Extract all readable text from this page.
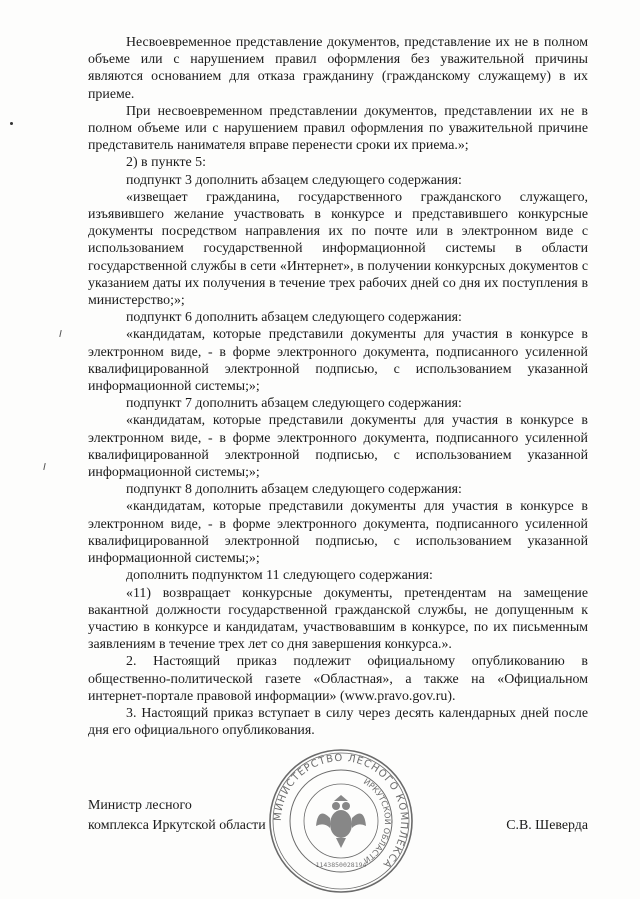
Несвоевременное представление документов, представление их не в полном объеме или с нарушением правил оформления без уважительной причины являются основанием для отказа гражданину (гражданскому служащему) в их приеме.

При несвоевременном представлении документов, представлении их не в полном объеме или с нарушением правил оформления по уважительной причине представитель нанимателя вправе перенести сроки их приема.»;

2) в пункте 5:

подпункт 3 дополнить абзацем следующего содержания:

«извещает гражданина, государственного гражданского служащего, изъявившего желание участвовать в конкурсе и представившего конкурсные документы посредством направления их по почте или в электронном виде с использованием государственной информационной системы в области государственной службы в сети «Интернет», в получении конкурсных документов с указанием даты их получения в течение трех рабочих дней со дня их поступления в министерство;»;

подпункт 6 дополнить абзацем следующего содержания:

«кандидатам, которые представили документы для участия в конкурсе в электронном виде, - в форме электронного документа, подписанного усиленной квалифицированной электронной подписью, с использованием указанной информационной системы;»;

подпункт 7 дополнить абзацем следующего содержания:

«кандидатам, которые представили документы для участия в конкурсе в электронном виде, - в форме электронного документа, подписанного усиленной квалифицированной электронной подписью, с использованием указанной информационной системы;»;

подпункт 8 дополнить абзацем следующего содержания:

«кандидатам, которые представили документы для участия в конкурсе в электронном виде, - в форме электронного документа, подписанного усиленной квалифицированной электронной подписью, с использованием указанной информационной системы;»;

дополнить подпунктом 11 следующего содержания:

«11) возвращает конкурсные документы, претендентам на замещение вакантной должности государственной гражданской службы, не допущенным к участию в конкурсе и кандидатам, участвовавшим в конкурсе, по их письменным заявлениям в течение трех лет со дня завершения конкурса.».

2. Настоящий приказ подлежит официальному опубликованию в общественно-политической газете «Областная», а также на «Официальном интернет-портале правовой информации» (www.pravo.gov.ru).

3. Настоящий приказ вступает в силу через десять календарных дней после дня его официального опубликования.

МИНИСТЕРСТВО ЛЕСНОГО КОМПЛЕКСА
ИРКУТСКОЙ ОБЛАСТИ
1143850028194
Министр лесного
комплекса Иркутской области	С.В. Шеверда
